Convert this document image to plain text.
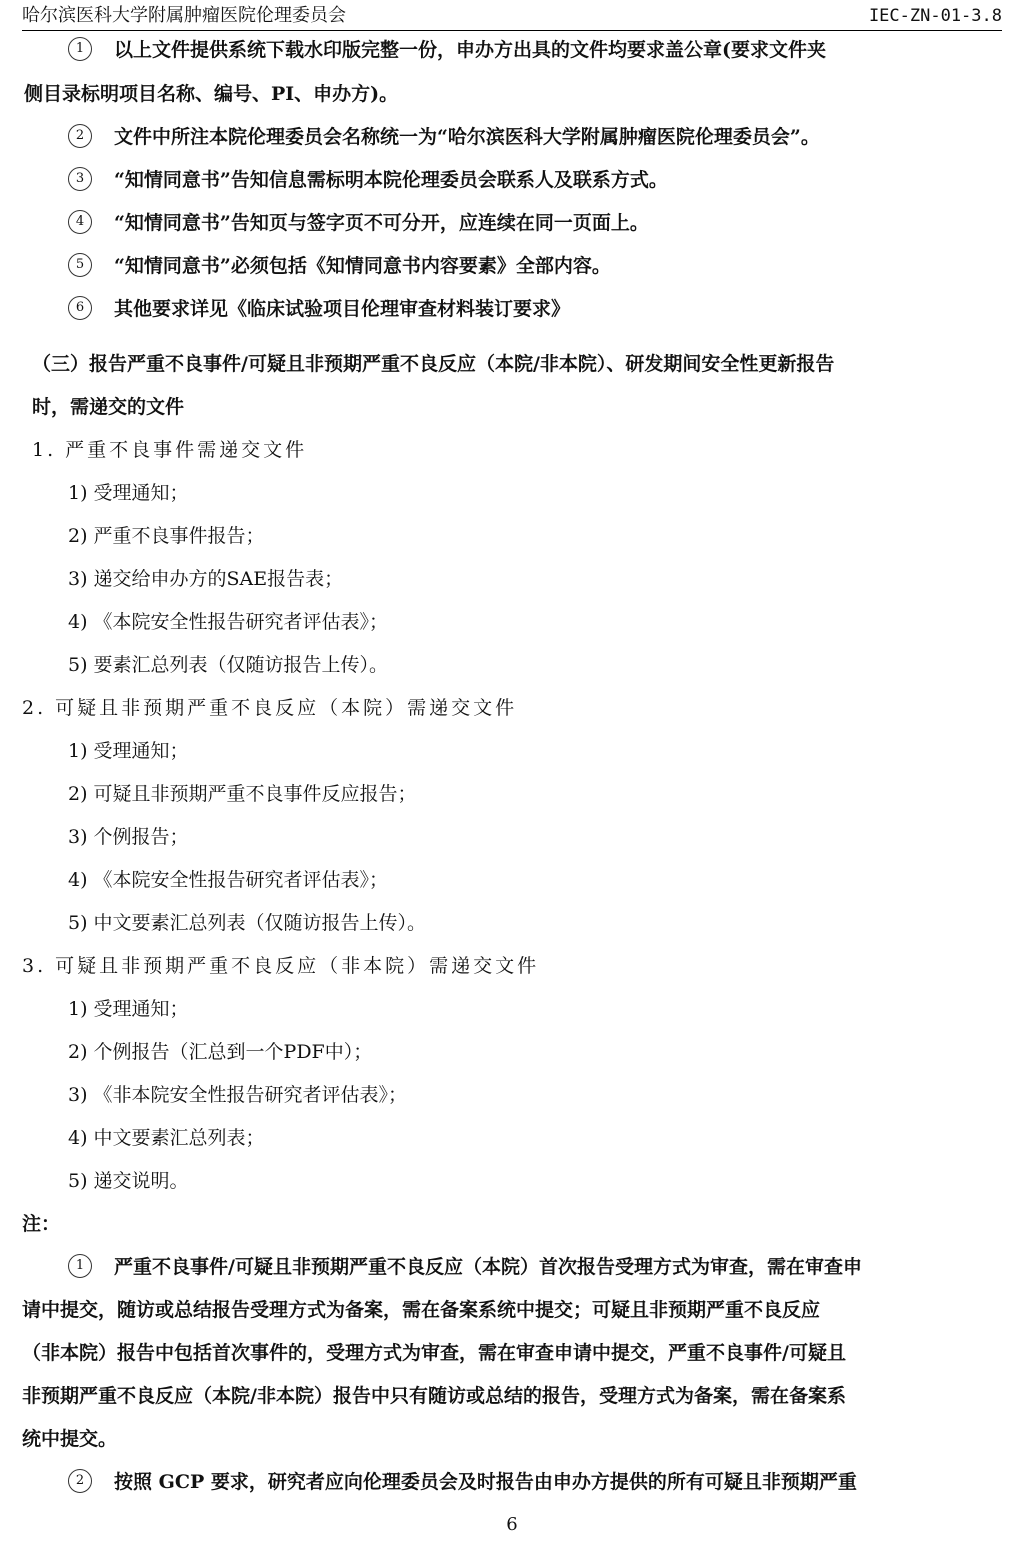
哈尔滨医科大学附属肿瘤医院伦理委员会	IEC-ZN-01-3.8
1 以上文件提供系统下载水印版完整一份，申办方出具的文件均要求盖公章(要求文件夹
侧目录标明项目名称、编号、PI、申办方)。
2 文件中所注本院伦理委员会名称统一为“哈尔滨医科大学附属肿瘤医院伦理委员会”。
3 “知情同意书”告知信息需标明本院伦理委员会联系人及联系方式。
4 “知情同意书”告知页与签字页不可分开，应连续在同一页面上。
5 “知情同意书”必须包括《知情同意书内容要素》全部内容。
6 其他要求详见《临床试验项目伦理审查材料装订要求》
（三）报告严重不良事件/可疑且非预期严重不良反应（本院/非本院）、研发期间安全性更新报告
时，需递交的文件
1. 严重不良事件需递交文件
1) 受理通知；
2) 严重不良事件报告；
3) 递交给申办方的SAE报告表；
4) 《本院安全性报告研究者评估表》；
5) 要素汇总列表（仅随访报告上传）。
2. 可疑且非预期严重不良反应（本院）需递交文件
1) 受理通知；
2) 可疑且非预期严重不良事件反应报告；
3) 个例报告；
4) 《本院安全性报告研究者评估表》；
5) 中文要素汇总列表（仅随访报告上传）。
3. 可疑且非预期严重不良反应（非本院）需递交文件
1) 受理通知；
2) 个例报告（汇总到一个PDF中）；
3) 《非本院安全性报告研究者评估表》；
4) 中文要素汇总列表；
5) 递交说明。
注：
1 严重不良事件/可疑且非预期严重不良反应（本院）首次报告受理方式为审查，需在审查申
请中提交，随访或总结报告受理方式为备案，需在备案系统中提交；可疑且非预期严重不良反应
（非本院）报告中包括首次事件的，受理方式为审查，需在审查申请中提交，严重不良事件/可疑且
非预期严重不良反应（本院/非本院）报告中只有随访或总结的报告，受理方式为备案，需在备案系
统中提交。
2 按照 GCP 要求，研究者应向伦理委员会及时报告由申办方提供的所有可疑且非预期严重
6
